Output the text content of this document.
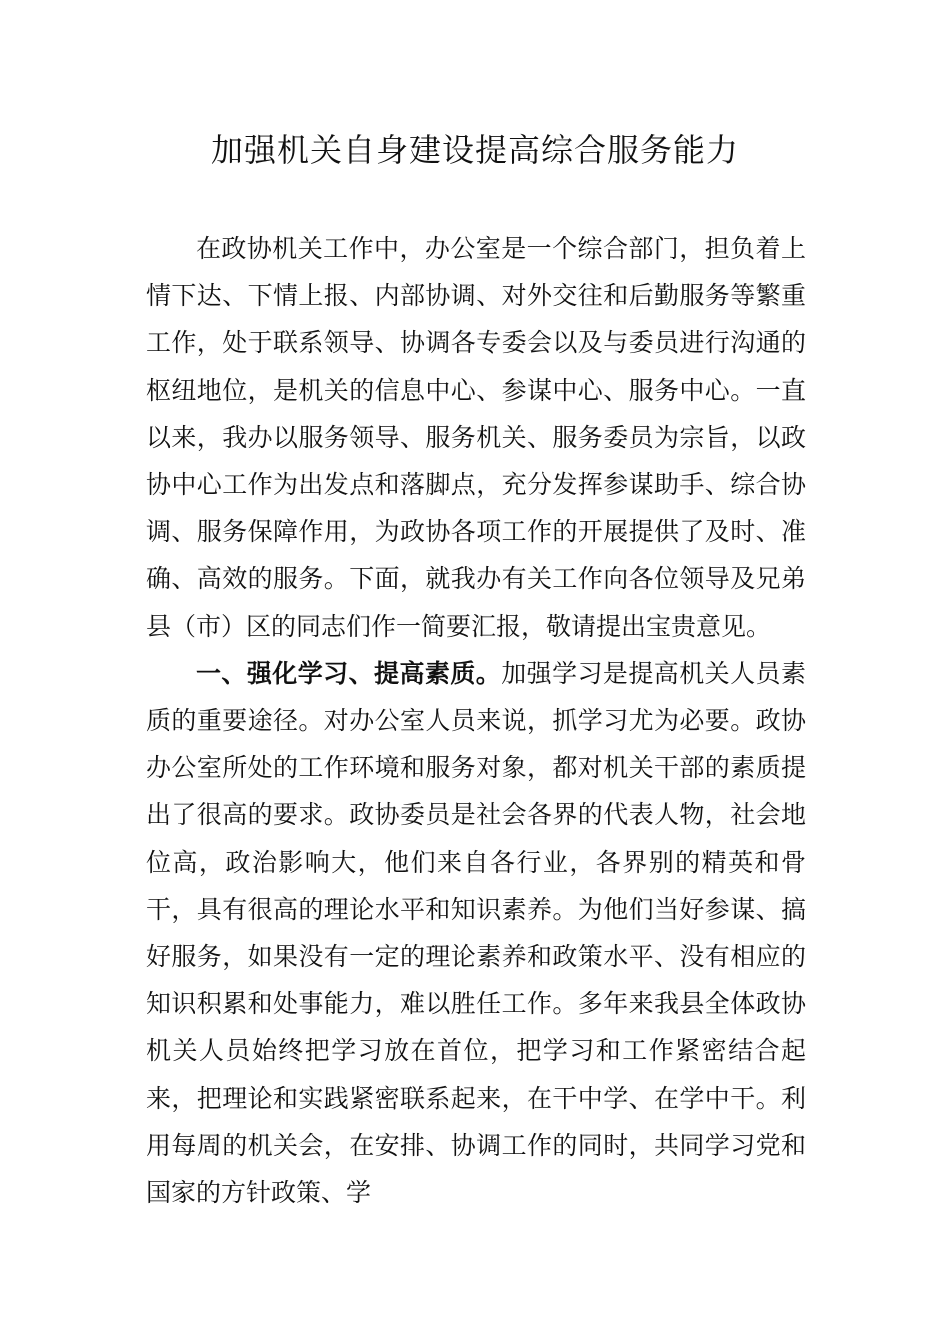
加强机关自身建设提高综合服务能力

在政协机关工作中，办公室是一个综合部门，担负着上情下达、下情上报、内部协调、对外交往和后勤服务等繁重工作，处于联系领导、协调各专委会以及与委员进行沟通的枢纽地位，是机关的信息中心、参谋中心、服务中心。一直以来，我办以服务领导、服务机关、服务委员为宗旨，以政协中心工作为出发点和落脚点，充分发挥参谋助手、综合协调、服务保障作用，为政协各项工作的开展提供了及时、准确、高效的服务。下面，就我办有关工作向各位领导及兄弟县（市）区的同志们作一简要汇报，敬请提出宝贵意见。

一、强化学习、提高素质。加强学习是提高机关人员素质的重要途径。对办公室人员来说，抓学习尤为必要。政协办公室所处的工作环境和服务对象，都对机关干部的素质提出了很高的要求。政协委员是社会各界的代表人物，社会地位高，政治影响大，他们来自各行业，各界别的精英和骨干，具有很高的理论水平和知识素养。为他们当好参谋、搞好服务，如果没有一定的理论素养和政策水平、没有相应的知识积累和处事能力，难以胜任工作。多年来我县全体政协机关人员始终把学习放在首位，把学习和工作紧密结合起来，把理论和实践紧密联系起来，在干中学、在学中干。利用每周的机关会，在安排、协调工作的同时，共同学习党和国家的方针政策、学
